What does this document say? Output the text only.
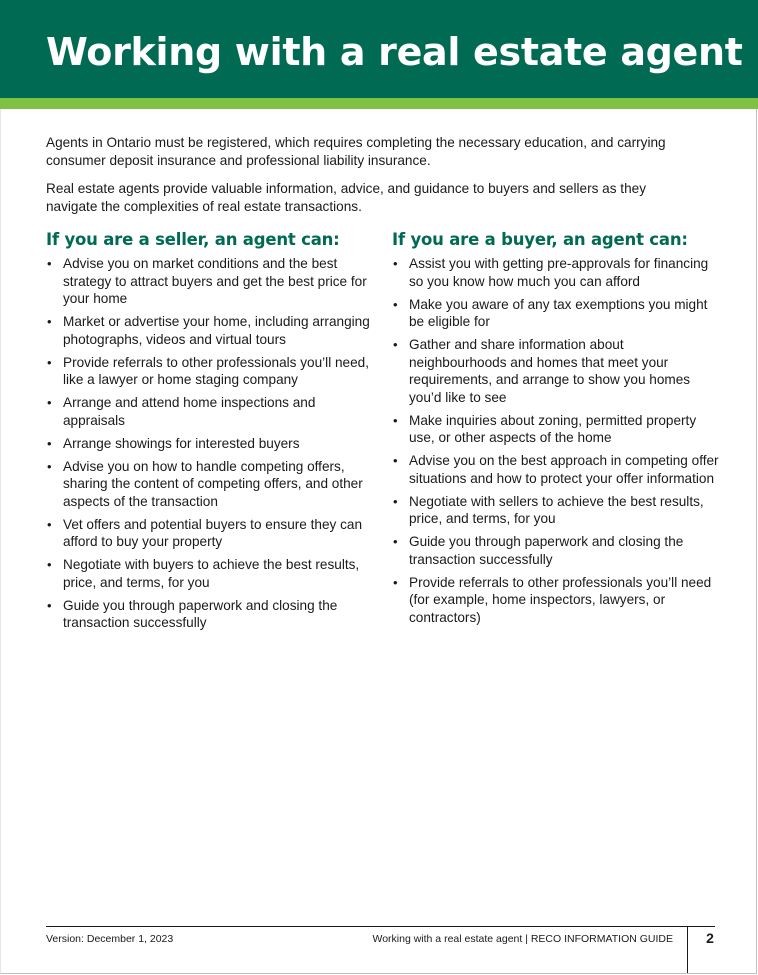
Working with a real estate agent

Agents in Ontario must be registered, which requires completing the necessary education, and carrying consumer deposit insurance and professional liability insurance.

Real estate agents provide valuable information, advice, and guidance to buyers and sellers as they navigate the complexities of real estate transactions.

If you are a seller, an agent can:
• Advise you on market conditions and the best strategy to attract buyers and get the best price for your home
• Market or advertise your home, including arranging photographs, videos and virtual tours
• Provide referrals to other professionals you’ll need, like a lawyer or home staging company
• Arrange and attend home inspections and appraisals
• Arrange showings for interested buyers
• Advise you on how to handle competing offers, sharing the content of competing offers, and other aspects of the transaction
• Vet offers and potential buyers to ensure they can afford to buy your property
• Negotiate with buyers to achieve the best results, price, and terms, for you
• Guide you through paperwork and closing the transaction successfully
If you are a buyer, an agent can:
• Assist you with getting pre-approvals for financing so you know how much you can afford
• Make you aware of any tax exemptions you might be eligible for
• Gather and share information about neighbourhoods and homes that meet your requirements, and arrange to show you homes you’d like to see
• Make inquiries about zoning, permitted property use, or other aspects of the home
• Advise you on the best approach in competing offer situations and how to protect your offer information
• Negotiate with sellers to achieve the best results, price, and terms, for you
• Guide you through paperwork and closing the transaction successfully
• Provide referrals to other professionals you’ll need (for example, home inspectors, lawyers, or contractors)
Version: December 1, 2023	Working with a real estate agent | RECO INFORMATION GUIDE	2
